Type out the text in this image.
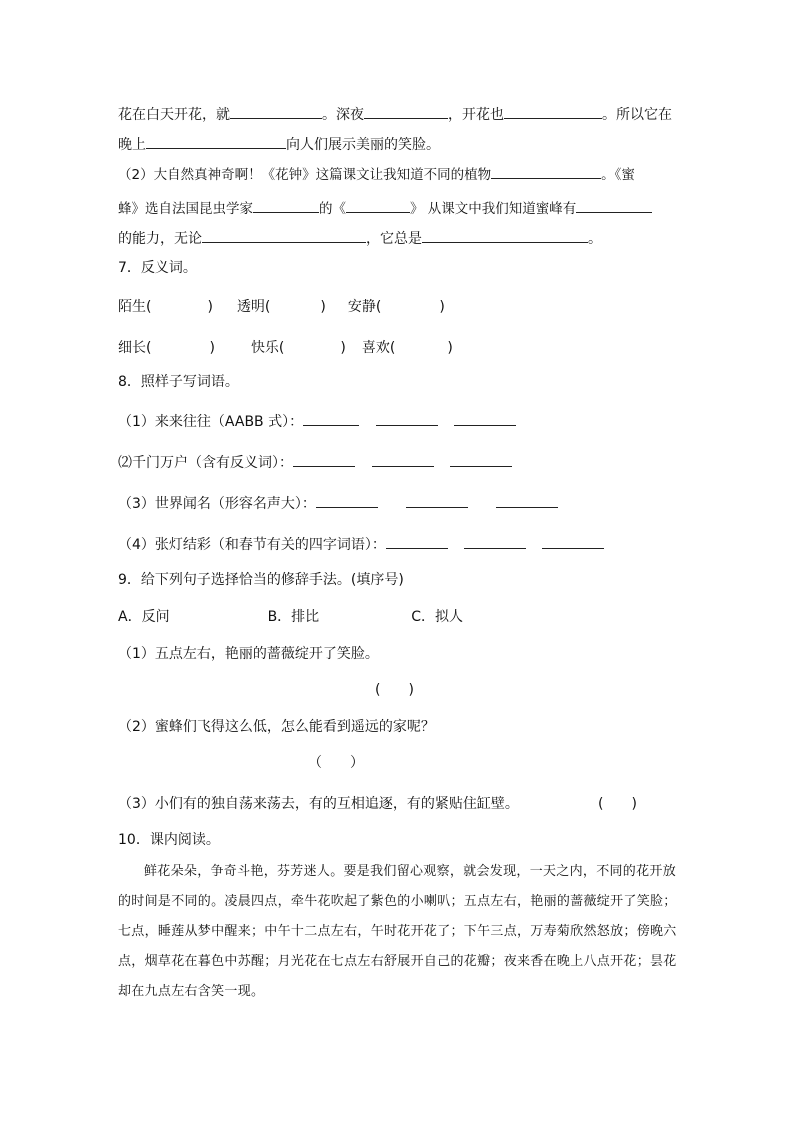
花在白天开花，就	。深夜	，开花也	。所以它在
晚上	向人们展示美丽的笑脸。
（2）大自然真神奇啊！《花钟》这篇课文让我知道不同的植物	。《蜜
蜂》选自法国昆虫学家	的《	》 从课文中我们知道蜜峰有
的能力，无论	，它总是	。
7．反义词。
陌生(	) 透明(	) 安静(	)
细长(	)	快乐(	) 喜欢(	)
8．照样子写词语。
（1）来来往往（AABB 式）：
⑵千门万户（含有反义词）：
（3）世界闻名（形容名声大）：
（4）张灯结彩（和春节有关的四字词语）：
9．给下列句子选择恰当的修辞手法。(填序号)
A．反问	B．排比	C．拟人
（1）五点左右，艳丽的蔷薇绽开了笑脸。
(　　)
（2）蜜蜂们飞得这么低，怎么能看到遥远的家呢？
（　　）
（3）小们有的独自荡来荡去，有的互相追逐，有的紧贴住缸壁。	(　　)
10．课内阅读。
鲜花朵朵，争奇斗艳，芬芳迷人。要是我们留心观察，就会发现，一天之内，不同的花开放的时间是不同的。凌晨四点，牵牛花吹起了紫色的小喇叭；五点左右，艳丽的蔷薇绽开了笑脸；七点，睡莲从梦中醒来；中午十二点左右，午时花开花了；下午三点，万寿菊欣然怒放；傍晚六点，烟草花在暮色中苏醒；月光花在七点左右舒展开自己的花瓣；夜来香在晚上八点开花；昙花却在九点左右含笑一现。
